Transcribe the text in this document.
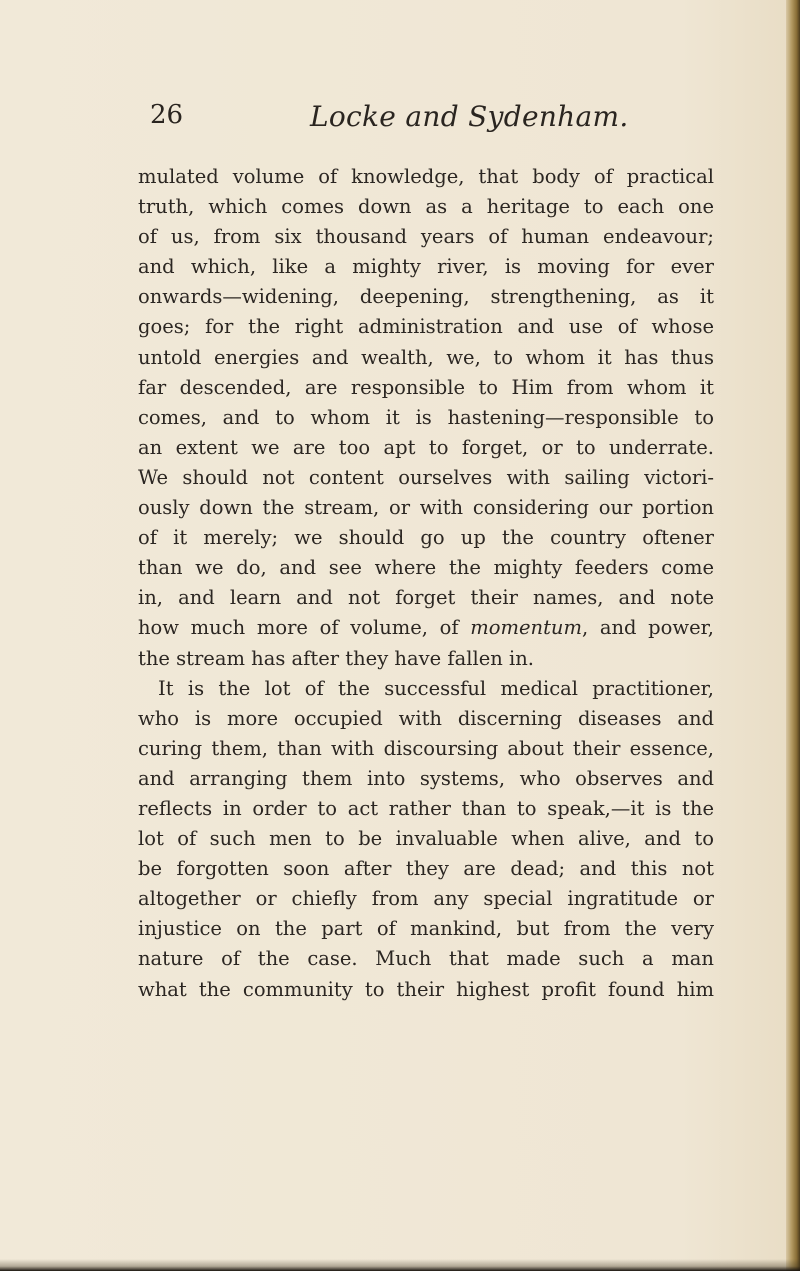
26	Locke and Sydenham.
mulated volume of knowledge, that body of practical
truth, which comes down as a heritage to each one
of us, from six thousand years of human endeavour;
and which, like a mighty river, is moving for ever
onwards—widening, deepening, strengthening, as it
goes; for the right administration and use of whose
untold energies and wealth, we, to whom it has thus
far descended, are responsible to Him from whom it
comes, and to whom it is hastening—responsible to
an extent we are too apt to forget, or to underrate.
We should not content ourselves with sailing victori-
ously down the stream, or with considering our portion
of it merely; we should go up the country oftener
than we do, and see where the mighty feeders come
in, and learn and not forget their names, and note
how much more of volume, of momentum, and power,
the stream has after they have fallen in.
It is the lot of the successful medical practitioner,
who is more occupied with discerning diseases and
curing them, than with discoursing about their essence,
and arranging them into systems, who observes and
reflects in order to act rather than to speak,—it is the
lot of such men to be invaluable when alive, and to
be forgotten soon after they are dead; and this not
altogether or chiefly from any special ingratitude or
injustice on the part of mankind, but from the very
nature of the case. Much that made such a man
what the community to their highest profit found him
